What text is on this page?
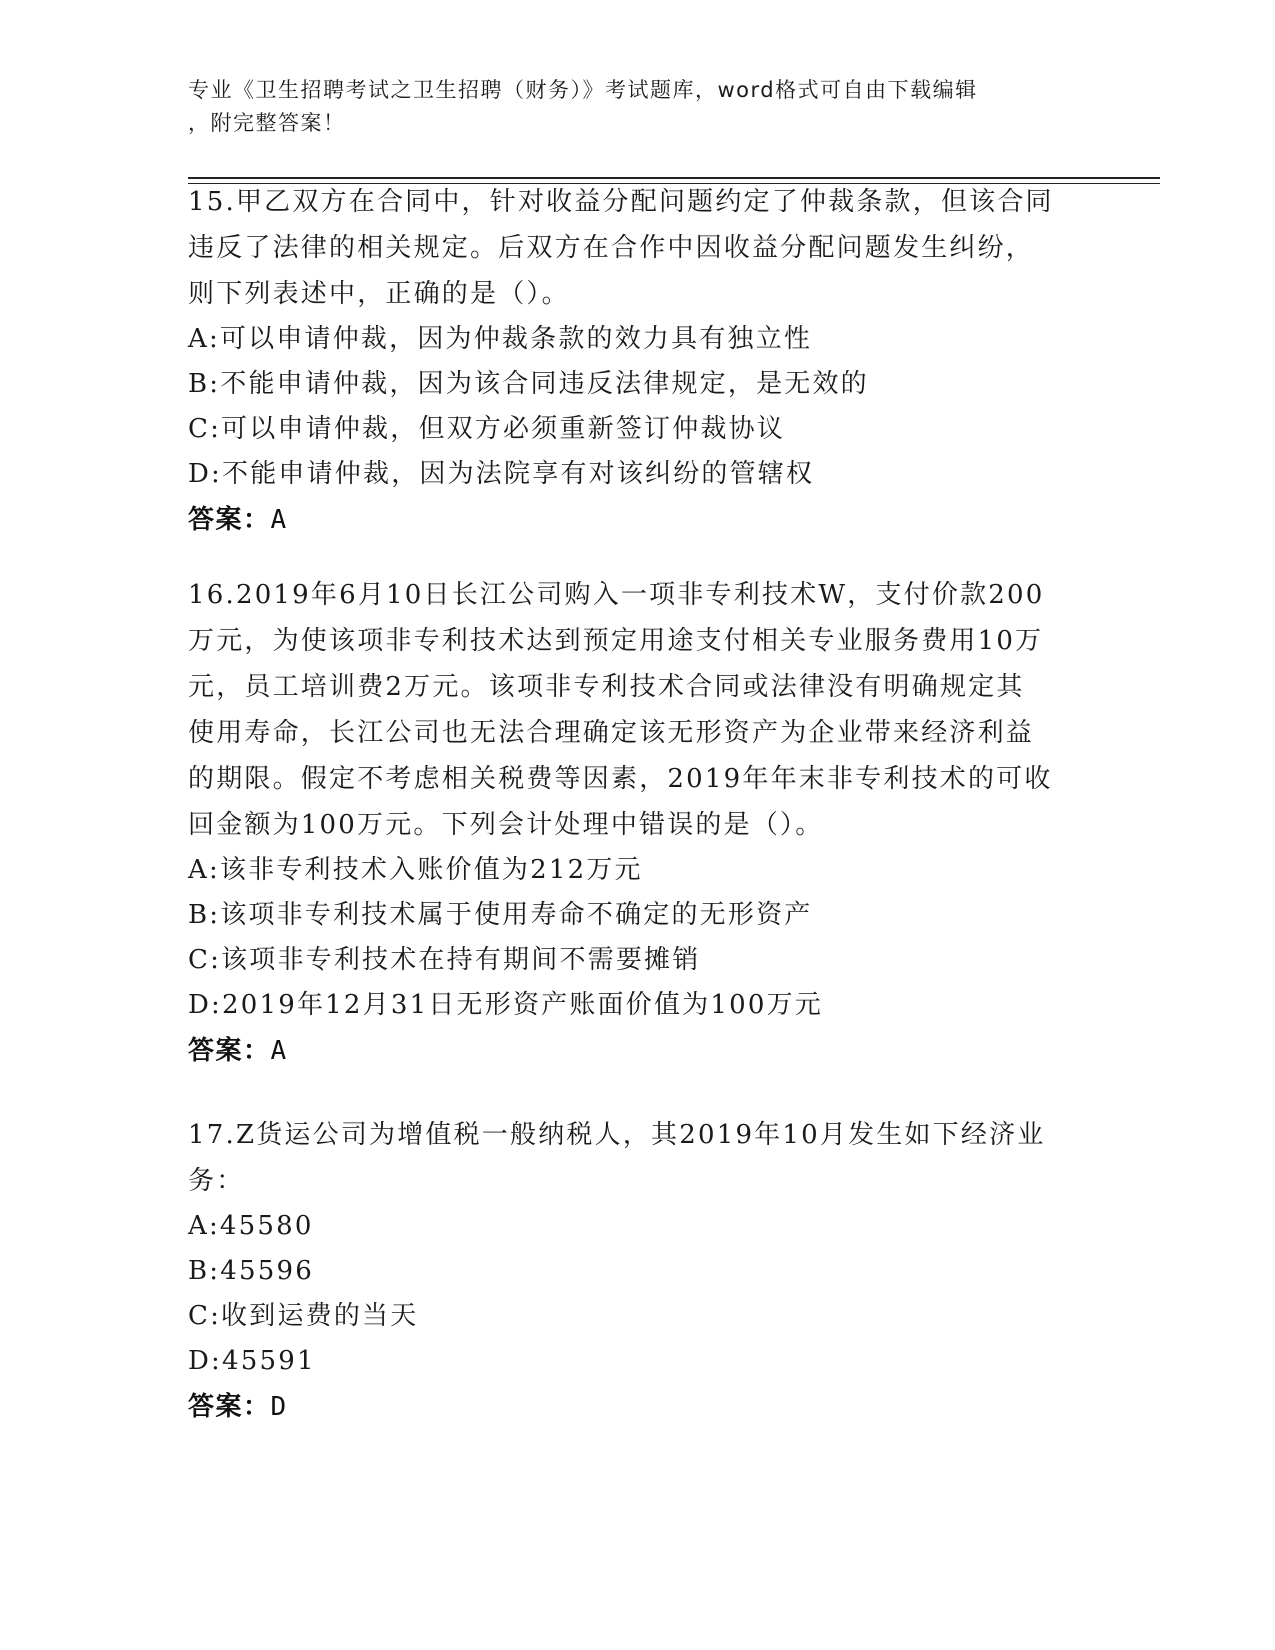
专业《卫生招聘考试之卫生招聘（财务）》考试题库，word格式可自由下载编辑
，附完整答案！
15.甲乙双方在合同中，针对收益分配问题约定了仲裁条款，但该合同
违反了法律的相关规定。后双方在合作中因收益分配问题发生纠纷，
则下列表述中，正确的是（）。
A:可以申请仲裁，因为仲裁条款的效力具有独立性
B:不能申请仲裁，因为该合同违反法律规定，是无效的
C:可以申请仲裁，但双方必须重新签订仲裁协议
D:不能申请仲裁，因为法院享有对该纠纷的管辖权
答案：A
16.2019年6月10日长江公司购入一项非专利技术W，支付价款200
万元，为使该项非专利技术达到预定用途支付相关专业服务费用10万
元，员工培训费2万元。该项非专利技术合同或法律没有明确规定其
使用寿命，长江公司也无法合理确定该无形资产为企业带来经济利益
的期限。假定不考虑相关税费等因素，2019年年末非专利技术的可收
回金额为100万元。下列会计处理中错误的是（）。
A:该非专利技术入账价值为212万元
B:该项非专利技术属于使用寿命不确定的无形资产
C:该项非专利技术在持有期间不需要摊销
D:2019年12月31日无形资产账面价值为100万元
答案：A
17.Z货运公司为增值税一般纳税人，其2019年10月发生如下经济业
务：
A:45580
B:45596
C:收到运费的当天
D:45591
答案：D
